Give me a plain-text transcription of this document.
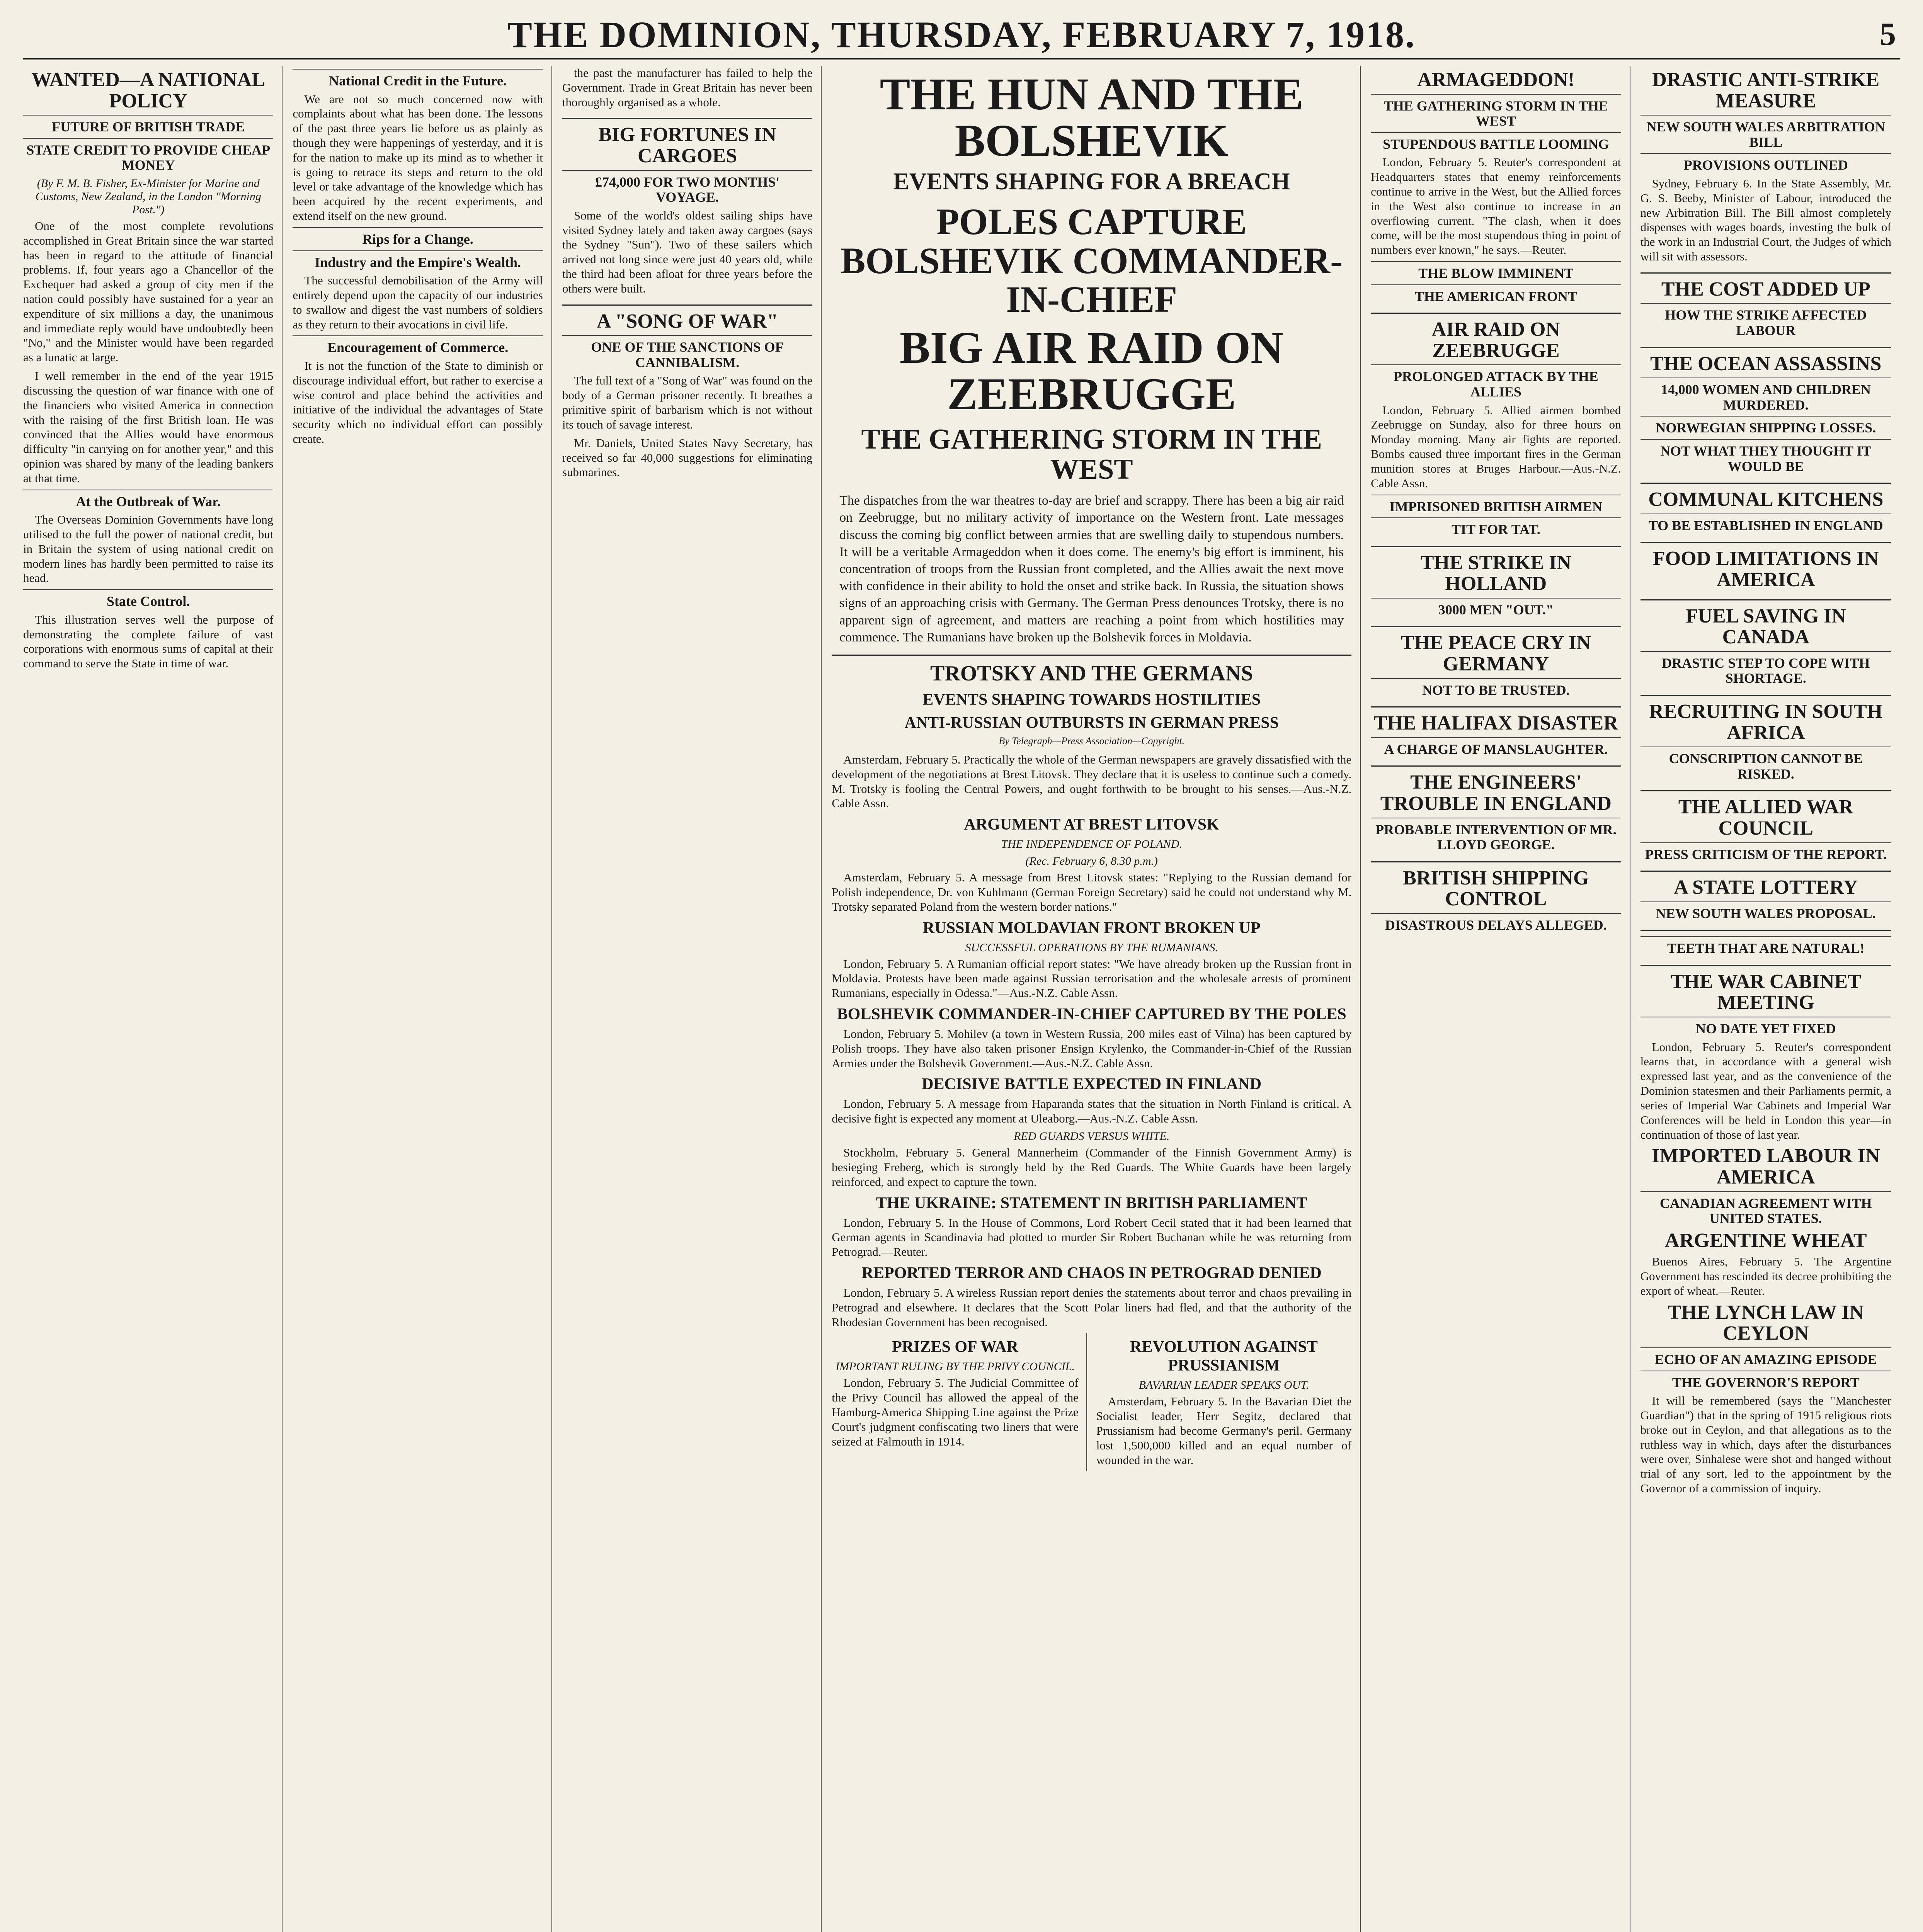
THE DOMINION, THURSDAY, FEBRUARY 7, 1918.	5
WANTED—A NATIONAL POLICY
FUTURE OF BRITISH TRADE
STATE CREDIT TO PROVIDE CHEAP MONEY
(By F. M. B. Fisher, Ex-Minister for Marine and Customs, New Zealand, in the London "Morning Post.")

One of the most complete revolutions accomplished in Great Britain since the war started has been in regard to the attitude of financial problems. If, four years ago a Chancellor of the Exchequer had asked a group of city men if the nation could possibly have sustained for a year an expenditure of six millions a day, the unanimous and immediate reply would have undoubtedly been "No," and the Minister would have been regarded as a lunatic at large.

I well remember in the end of the year 1915 discussing the question of war finance with one of the financiers who visited America in connection with the raising of the first British loan. He was convinced that the Allies would have enormous difficulty "in carrying on for another year," and this opinion was shared by many of the leading bankers at that time.

At the Outbreak of War.

The Overseas Dominion Governments have long utilised to the full the power of national credit, but in Britain the system of using national credit on modern lines has hardly been permitted to raise its head.

State Control.

This illustration serves well the purpose of demonstrating the complete failure of vast corporations with enormous sums of capital at their command to serve the State in time of war.

National Credit in the Future.

We are not so much concerned now with complaints about what has been done. The lessons of the past three years lie before us as plainly as though they were happenings of yesterday, and it is for the nation to make up its mind as to whether it is going to retrace its steps and return to the old level or take advantage of the knowledge which has been acquired by the recent experiments, and extend itself on the new ground.

Rips for a Change.
Industry and the Empire's Wealth.

The successful demobilisation of the Army will entirely depend upon the capacity of our industries to swallow and digest the vast numbers of soldiers as they return to their avocations in civil life.

Encouragement of Commerce.

It is not the function of the State to diminish or discourage individual effort, but rather to exercise a wise control and place behind the activities and initiative of the individual the advantages of State security which no individual effort can possibly create.

the past the manufacturer has failed to help the Government. Trade in Great Britain has never been thoroughly organised as a whole.

BIG FORTUNES IN CARGOES
£74,000 FOR TWO MONTHS' VOYAGE.

Some of the world's oldest sailing ships have visited Sydney lately and taken away cargoes (says the Sydney "Sun"). Two of these sailers which arrived not long since were just 40 years old, while the third had been afloat for three years before the others were built.

A "SONG OF WAR"
ONE OF THE SANCTIONS OF CANNIBALISM.

The full text of a "Song of War" was found on the body of a German prisoner recently. It breathes a primitive spirit of barbarism which is not without its touch of savage interest.

Mr. Daniels, United States Navy Secretary, has received so far 40,000 suggestions for eliminating submarines.

THE HUN AND THE BOLSHEVIK
EVENTS SHAPING FOR A BREACH
POLES CAPTURE BOLSHEVIK COMMANDER-IN-CHIEF
BIG AIR RAID ON ZEEBRUGGE
THE GATHERING STORM IN THE WEST
The dispatches from the war theatres to-day are brief and scrappy. There has been a big air raid on Zeebrugge, but no military activity of importance on the Western front. Late messages discuss the coming big conflict between armies that are swelling daily to stupendous numbers. It will be a veritable Armageddon when it does come. The enemy's big effort is imminent, his concentration of troops from the Russian front completed, and the Allies await the next move with confidence in their ability to hold the onset and strike back. In Russia, the situation shows signs of an approaching crisis with Germany. The German Press denounces Trotsky, there is no apparent sign of agreement, and matters are reaching a point from which hostilities may commence. The Rumanians have broken up the Bolshevik forces in Moldavia.
TROTSKY AND THE GERMANS
EVENTS SHAPING TOWARDS HOSTILITIES
ANTI-RUSSIAN OUTBURSTS IN GERMAN PRESS
By Telegraph—Press Association—Copyright.

Amsterdam, February 5. Practically the whole of the German newspapers are gravely dissatisfied with the development of the negotiations at Brest Litovsk. They declare that it is useless to continue such a comedy. M. Trotsky is fooling the Central Powers, and ought forthwith to be brought to his senses.—Aus.-N.Z. Cable Assn.

ARGUMENT AT BREST LITOVSK
THE INDEPENDENCE OF POLAND.
(Rec. February 6, 8.30 p.m.)

Amsterdam, February 5. A message from Brest Litovsk states: "Replying to the Russian demand for Polish independence, Dr. von Kuhlmann (German Foreign Secretary) said he could not understand why M. Trotsky separated Poland from the western border nations."

RUSSIAN MOLDAVIAN FRONT BROKEN UP
SUCCESSFUL OPERATIONS BY THE RUMANIANS.

London, February 5. A Rumanian official report states: "We have already broken up the Russian front in Moldavia. Protests have been made against Russian terrorisation and the wholesale arrests of prominent Rumanians, especially in Odessa."—Aus.-N.Z. Cable Assn.

BOLSHEVIK COMMANDER-IN-CHIEF CAPTURED BY THE POLES

London, February 5. Mohilev (a town in Western Russia, 200 miles east of Vilna) has been captured by Polish troops. They have also taken prisoner Ensign Krylenko, the Commander-in-Chief of the Russian Armies under the Bolshevik Government.—Aus.-N.Z. Cable Assn.

DECISIVE BATTLE EXPECTED IN FINLAND

London, February 5. A message from Haparanda states that the situation in North Finland is critical. A decisive fight is expected any moment at Uleaborg.—Aus.-N.Z. Cable Assn.

RED GUARDS VERSUS WHITE.

Stockholm, February 5. General Mannerheim (Commander of the Finnish Government Army) is besieging Freberg, which is strongly held by the Red Guards. The White Guards have been largely reinforced, and expect to capture the town.

THE UKRAINE: STATEMENT IN BRITISH PARLIAMENT

London, February 5. In the House of Commons, Lord Robert Cecil stated that it had been learned that German agents in Scandinavia had plotted to murder Sir Robert Buchanan while he was returning from Petrograd.—Reuter.

REPORTED TERROR AND CHAOS IN PETROGRAD DENIED

London, February 5. A wireless Russian report denies the statements about terror and chaos prevailing in Petrograd and elsewhere. It declares that the Scott Polar liners had fled, and that the authority of the Rhodesian Government has been recognised.

PRIZES OF WAR
IMPORTANT RULING BY THE PRIVY COUNCIL.

London, February 5. The Judicial Committee of the Privy Council has allowed the appeal of the Hamburg-America Shipping Line against the Prize Court's judgment confiscating two liners that were seized at Falmouth in 1914.

REVOLUTION AGAINST PRUSSIANISM
BAVARIAN LEADER SPEAKS OUT.

Amsterdam, February 5. In the Bavarian Diet the Socialist leader, Herr Segitz, declared that Prussianism had become Germany's peril. Germany lost 1,500,000 killed and an equal number of wounded in the war.

ARMAGEDDON!
THE GATHERING STORM IN THE WEST
STUPENDOUS BATTLE LOOMING

London, February 5. Reuter's correspondent at Headquarters states that enemy reinforcements continue to arrive in the West, but the Allied forces in the West also continue to increase in an overflowing current. "The clash, when it does come, will be the most stupendous thing in point of numbers ever known," he says.—Reuter.

THE BLOW IMMINENT
THE AMERICAN FRONT
AIR RAID ON ZEEBRUGGE
PROLONGED ATTACK BY THE ALLIES

London, February 5. Allied airmen bombed Zeebrugge on Sunday, also for three hours on Monday morning. Many air fights are reported. Bombs caused three important fires in the German munition stores at Bruges Harbour.—Aus.-N.Z. Cable Assn.

IMPRISONED BRITISH AIRMEN
TIT FOR TAT.
THE STRIKE IN HOLLAND
3000 MEN "OUT."
THE PEACE CRY IN GERMANY
NOT TO BE TRUSTED.
THE HALIFAX DISASTER
A CHARGE OF MANSLAUGHTER.
THE ENGINEERS' TROUBLE IN ENGLAND
PROBABLE INTERVENTION OF MR. LLOYD GEORGE.
BRITISH SHIPPING CONTROL
DISASTROUS DELAYS ALLEGED.
DRASTIC ANTI-STRIKE MEASURE
NEW SOUTH WALES ARBITRATION BILL
PROVISIONS OUTLINED

Sydney, February 6. In the State Assembly, Mr. G. S. Beeby, Minister of Labour, introduced the new Arbitration Bill. The Bill almost completely dispenses with wages boards, investing the bulk of the work in an Industrial Court, the Judges of which will sit with assessors.

THE COST ADDED UP
HOW THE STRIKE AFFECTED LABOUR
THE OCEAN ASSASSINS
14,000 WOMEN AND CHILDREN MURDERED.
NORWEGIAN SHIPPING LOSSES.
NOT WHAT THEY THOUGHT IT WOULD BE
COMMUNAL KITCHENS
TO BE ESTABLISHED IN ENGLAND
FOOD LIMITATIONS IN AMERICA
FUEL SAVING IN CANADA
DRASTIC STEP TO COPE WITH SHORTAGE.
RECRUITING IN SOUTH AFRICA
CONSCRIPTION CANNOT BE RISKED.
THE ALLIED WAR COUNCIL
PRESS CRITICISM OF THE REPORT.
A STATE LOTTERY
NEW SOUTH WALES PROPOSAL.
TEETH THAT ARE NATURAL!
THE WAR CABINET MEETING
NO DATE YET FIXED

London, February 5. Reuter's correspondent learns that, in accordance with a general wish expressed last year, and as the convenience of the Dominion statesmen and their Parliaments permit, a series of Imperial War Cabinets and Imperial War Conferences will be held in London this year—in continuation of those of last year.

IMPORTED LABOUR IN AMERICA
CANADIAN AGREEMENT WITH UNITED STATES.
ARGENTINE WHEAT

Buenos Aires, February 5. The Argentine Government has rescinded its decree prohibiting the export of wheat.—Reuter.

THE LYNCH LAW IN CEYLON
ECHO OF AN AMAZING EPISODE
THE GOVERNOR'S REPORT

It will be remembered (says the "Manchester Guardian") that in the spring of 1915 religious riots broke out in Ceylon, and that allegations as to the ruthless way in which, days after the disturbances were over, Sinhalese were shot and hanged without trial of any sort, led to the appointment by the Governor of a commission of inquiry.
